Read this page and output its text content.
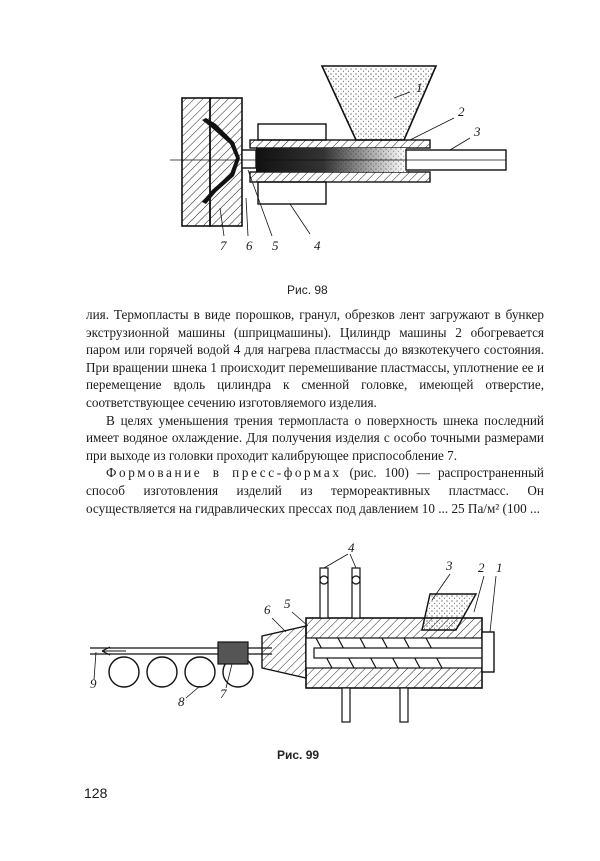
1
2
3
4
5
6
7
Рис. 98

лия. Термопласты в виде порошков, гранул, обрезков лент загружают в бункер экструзионной машины (шприцмашины). Цилиндр машины 2 обогревается паром или горячей водой 4 для нагрева пластмассы до вязкотекучего состояния. При вращении шнека 1 происходит перемешивание пластмассы, уплотнение ее и перемещение вдоль цилиндра к сменной головке, имеющей отверстие, соответствующее сечению изготовляемого изделия.

В целях уменьшения трения термопласта о поверхность шнека последний имеет водяное охлаждение. Для получения изделия с особо точными размерами при выходе из головки проходит калибрующее приспособление 7.

Формование в пресс-формах (рис. 100) — распространенный способ изготовления изделий из термореактивных пластмасс. Он осуществляется на гидравлических прессах под давлением 10 ... 25 Па/м² (100 ...

4
3 2 1
6 5
7
8
9
Рис. 99
128
